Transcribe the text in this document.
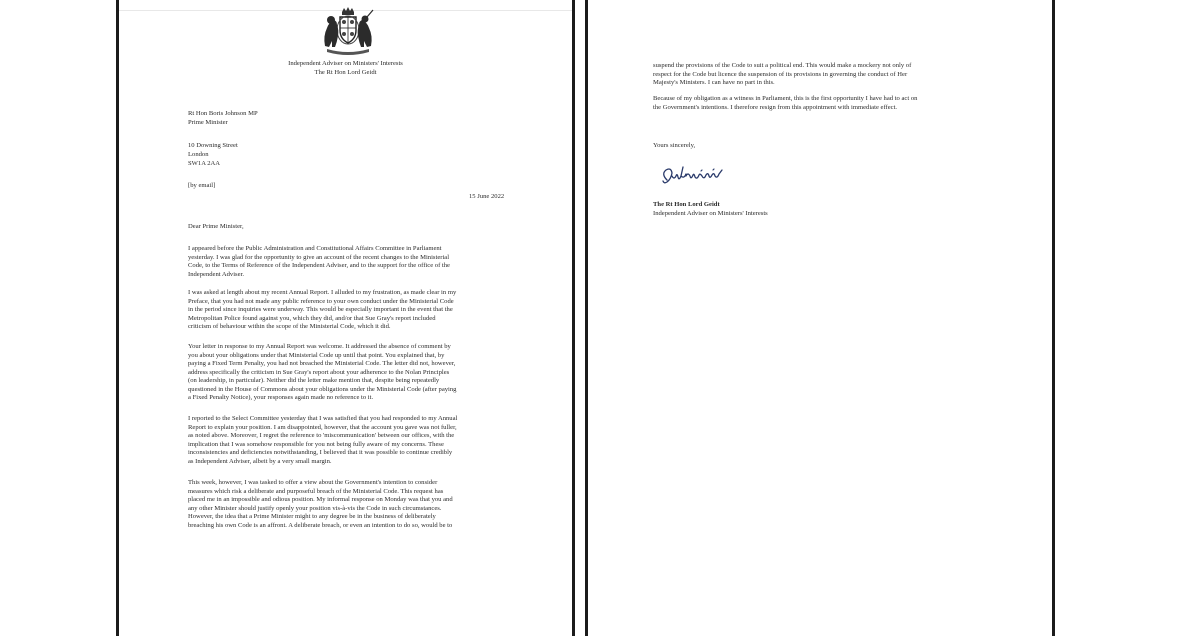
Independent Adviser on Ministers' Interests
The Rt Hon Lord Geidt
Rt Hon Boris Johnson MP
Prime Minister
10 Downing Street
London
SW1A 2AA
[by email]
15 June 2022
Dear Prime Minister,
I appeared before the Public Administration and Constitutional Affairs Committee in Parliament
yesterday. I was glad for the opportunity to give an account of the recent changes to the Ministerial
Code, to the Terms of Reference of the Independent Adviser, and to the support for the office of the
Independent Adviser.
I was asked at length about my recent Annual Report. I alluded to my frustration, as made clear in my
Preface, that you had not made any public reference to your own conduct under the Ministerial Code
in the period since inquiries were underway. This would be especially important in the event that the
Metropolitan Police found against you, which they did, and/or that Sue Gray's report included
criticism of behaviour within the scope of the Ministerial Code, which it did.
Your letter in response to my Annual Report was welcome. It addressed the absence of comment by
you about your obligations under that Ministerial Code up until that point. You explained that, by
paying a Fixed Term Penalty, you had not breached the Ministerial Code. The letter did not, however,
address specifically the criticism in Sue Gray's report about your adherence to the Nolan Principles
(on leadership, in particular). Neither did the letter make mention that, despite being repeatedly
questioned in the House of Commons about your obligations under the Ministerial Code (after paying
a Fixed Penalty Notice), your responses again made no reference to it.
I reported to the Select Committee yesterday that I was satisfied that you had responded to my Annual
Report to explain your position. I am disappointed, however, that the account you gave was not fuller,
as noted above. Moreover, I regret the reference to 'miscommunication' between our offices, with the
implication that I was somehow responsible for you not being fully aware of my concerns. These
inconsistencies and deficiencies notwithstanding, I believed that it was possible to continue credibly
as Independent Adviser, albeit by a very small margin.
This week, however, I was tasked to offer a view about the Government's intention to consider
measures which risk a deliberate and purposeful breach of the Ministerial Code. This request has
placed me in an impossible and odious position. My informal response on Monday was that you and
any other Minister should justify openly your position vis-à-vis the Code in such circumstances.
However, the idea that a Prime Minister might to any degree be in the business of deliberately
breaching his own Code is an affront. A deliberate breach, or even an intention to do so, would be to
suspend the provisions of the Code to suit a political end. This would make a mockery not only of
respect for the Code but licence the suspension of its provisions in governing the conduct of Her
Majesty's Ministers. I can have no part in this.
Because of my obligation as a witness in Parliament, this is the first opportunity I have had to act on
the Government's intentions. I therefore resign from this appointment with immediate effect.
Yours sincerely,
The Rt Hon Lord Geidt
Independent Adviser on Ministers' Interests
